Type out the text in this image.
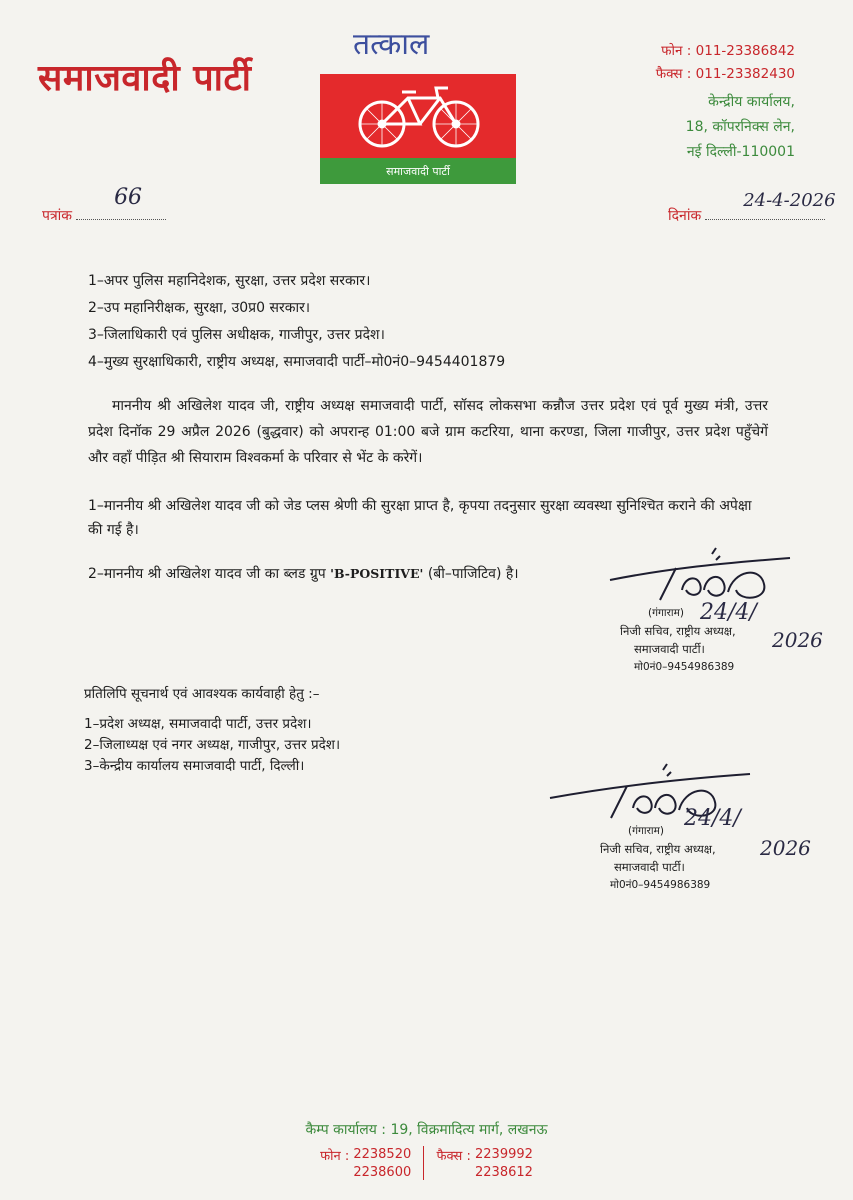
समाजवादी पार्टी
तत्काल
समाजवादी पार्टी
फोन : 011-23386842
फैक्स : 011-23382430
केन्द्रीय कार्यालय,
18, कॉपरनिक्स लेन,
नई दिल्ली-110001
पत्रांक
66
दिनांक
24-4-2026
1–अपर पुलिस महानिदेशक, सुरक्षा, उत्तर प्रदेश सरकार।
2–उप महानिरीक्षक, सुरक्षा, उ0प्र0 सरकार।
3–जिलाधिकारी एवं पुलिस अधीक्षक, गाजीपुर, उत्तर प्रदेश।
4–मुख्य सुरक्षाधिकारी, राष्ट्रीय अध्यक्ष, समाजवादी पार्टी–मो0नं0–9454401879
माननीय श्री अखिलेश यादव जी, राष्ट्रीय अध्यक्ष समाजवादी पार्टी, सॉसद लोकसभा कन्नौज उत्तर प्रदेश एवं पूर्व मुख्य मंत्री, उत्तर प्रदेश दिनॉक 29 अप्रैल 2026 (बुद्धवार) को अपरान्ह 01:00 बजे ग्राम कटरिया, थाना करण्डा, जिला गाजीपुर, उत्तर प्रदेश पहुँचेगें और वहाँ पीड़ित श्री सियाराम विश्वकर्मा के परिवार से भेंट के करेगें।
1–माननीय श्री अखिलेश यादव जी को जेड प्लस श्रेणी की सुरक्षा प्राप्त है, कृपया तदनुसार सुरक्षा व्यवस्था सुनिश्चित कराने की अपेक्षा की गई है।
2–माननीय श्री अखिलेश यादव जी का ब्लड ग्रुप 'B-POSITIVE' (बी–पाजिटिव) है।
24/4/
2026
(गंगाराम)
निजी सचिव, राष्ट्रीय अध्यक्ष,
समाजवादी पार्टी।
मो0नं0–9454986389
प्रतिलिपि सूचनार्थ एवं आवश्यक कार्यवाही हेतु :–
1–प्रदेश अध्यक्ष, समाजवादी पार्टी, उत्तर प्रदेश।
2–जिलाध्यक्ष एवं नगर अध्यक्ष, गाजीपुर, उत्तर प्रदेश।
3–केन्द्रीय कार्यालय समाजवादी पार्टी, दिल्ली।
24/4/
2026
(गंगाराम)
निजी सचिव, राष्ट्रीय अध्यक्ष,
समाजवादी पार्टी।
मो0नं0–9454986389
कैम्प कार्यालय : 19, विक्रमादित्य मार्ग, लखनऊ
फोन : 2238520
2238600
फैक्स : 2239992
2238612
